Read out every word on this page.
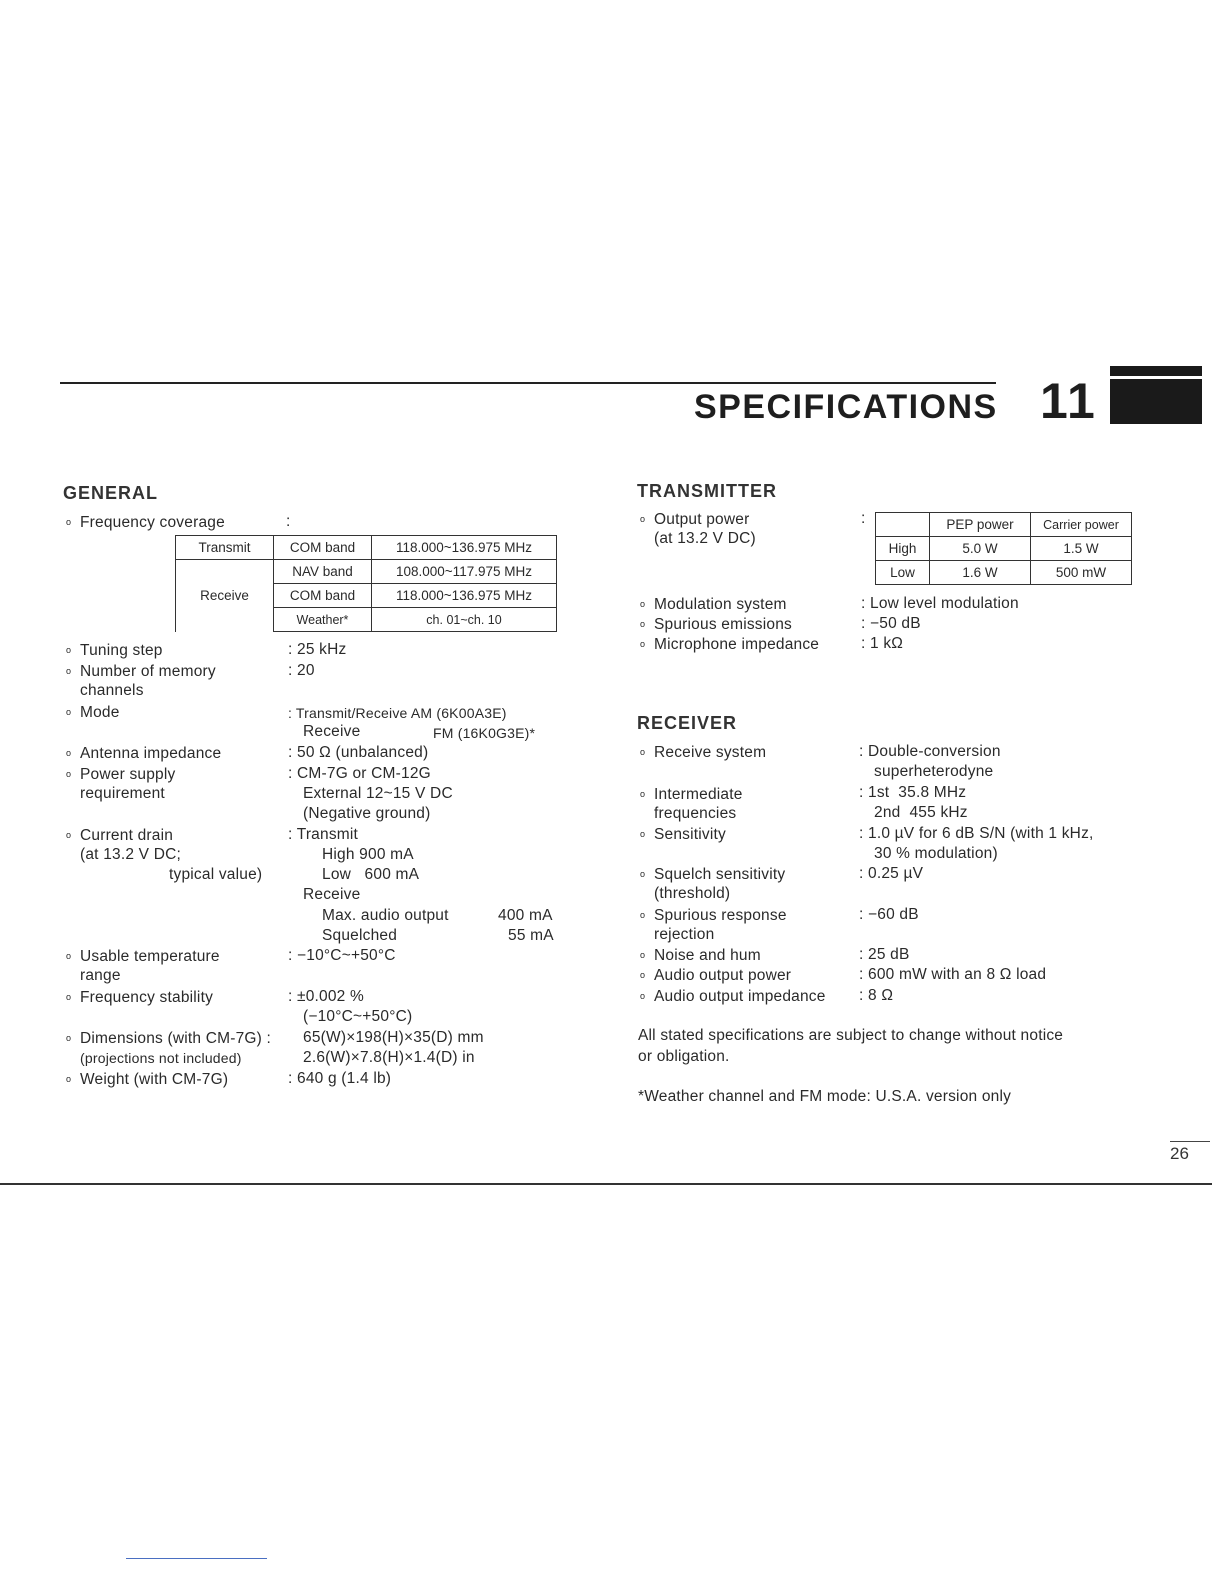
SPECIFICATIONS 11
GENERAL
o Frequency coverage	:
Transmit	COM band	118.000~136.975 MHz
Receive	NAV band	108.000~117.975 MHz
	COM band	118.000~136.975 MHz
	Weather*	ch. 01~ch. 10
o Tuning step	: 25 kHz
o Number of memory
channels
: 20
o Mode	: Transmit/Receive AM (6K00A3E)
Receive	FM (16K0G3E)*
o Antenna impedance	: 50 Ω (unbalanced)
o Power supply
requirement
: CM-7G or CM-12G
External 12~15 V DC
(Negative ground)
o Current drain
(at 13.2 V DC;
typical value)
: Transmit
High 900 mA
Low   600 mA
Receive
Max. audio output	400 mA
Squelched	55 mA
o Usable temperature
range
: −10°C~+50°C
o Frequency stability	: ±0.002 %
(−10°C~+50°C)
o Dimensions (with CM-7G) :
(projections not included)
65(W)×198(H)×35(D) mm
2.6(W)×7.8(H)×1.4(D) in
o Weight (with CM-7G)	: 640 g (1.4 lb)
TRANSMITTER
o Output power
(at 13.2 V DC)
:
		PEP power	Carrier power
High	5.0 W	1.5 W
Low	1.6 W	500 mW
o Modulation system	: Low level modulation
o Spurious emissions	: −50 dB
o Microphone impedance	: 1 kΩ
RECEIVER
o Receive system	: Double-conversion
superheterodyne
o Intermediate
frequencies
: 1st  35.8 MHz
2nd  455 kHz
o Sensitivity	: 1.0 µV for 6 dB S/N (with 1 kHz,
30 % modulation)
o Squelch sensitivity
(threshold)
: 0.25 µV
o Spurious response
rejection
: −60 dB
o Noise and hum	: 25 dB
o Audio output power	: 600 mW with an 8 Ω load
o Audio output impedance : 8 Ω
All stated specifications are subject to change without notice
or obligation.
*Weather channel and FM mode: U.S.A. version only
26
